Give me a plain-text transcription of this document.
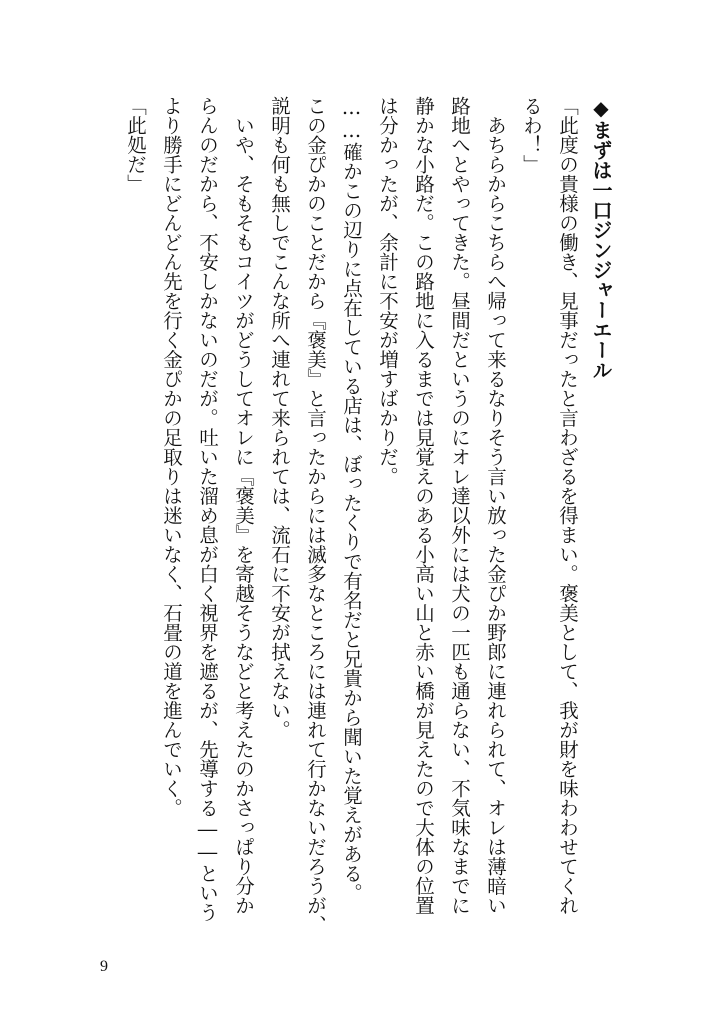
◆まずは一口ジンジャーエール
「此度の貴様の働き、見事だったと言わざるを得まい。褒美として、我が財を味わわせてくれ
るわ！」
　あちらからこちらへ帰って来るなりそう言い放った金ぴか野郎に連れられて、オレは薄暗い
路地へとやってきた。昼間だというのにオレ達以外には犬の一匹も通らない、不気味なまでに
静かな小路だ。この路地に入るまでは見覚えのある小高い山と赤い橋が見えたので大体の位置
は分かったが、余計に不安が増すばかりだ。
……確かこの辺りに点在している店は、ぼったくりで有名だと兄貴から聞いた覚えがある。
この金ぴかのことだから『褒美』と言ったからには滅多なところには連れて行かないだろうが、
説明も何も無しでこんな所へ連れて来られては、流石に不安が拭えない。
　いや、そもそもコイツがどうしてオレに『褒美』を寄越そうなどと考えたのかさっぱり分か
らんのだから、不安しかないのだが。吐いた溜め息が白く視界を遮るが、先導する――という
より勝手にどんどん先を行く金ぴかの足取りは迷いなく、石畳の道を進んでいく。
「此処だ」
9
